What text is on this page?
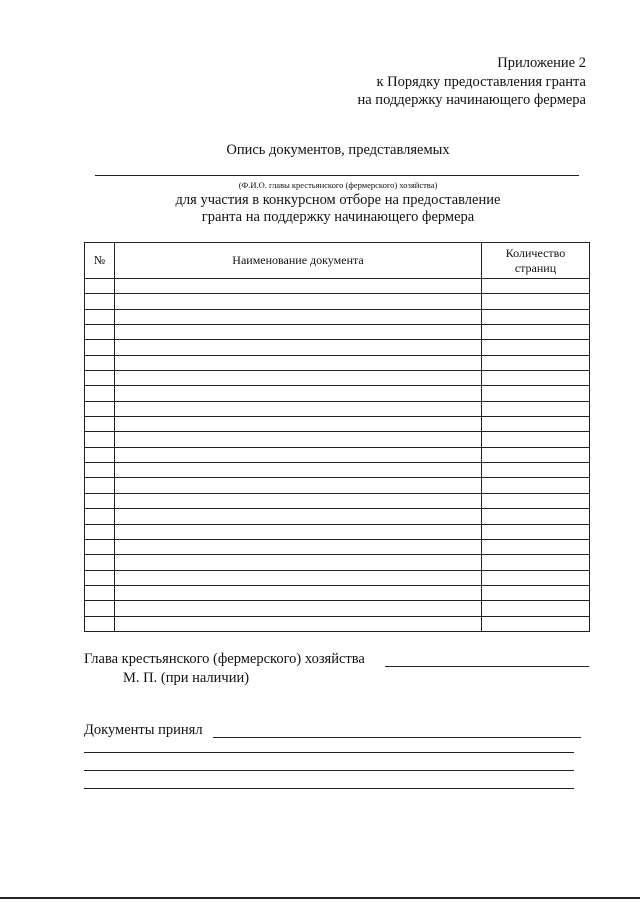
Приложение 2
к Порядку предоставления гранта
на поддержку начинающего фермера
Опись документов, представляемых
(Ф.И.О. главы крестьянского (фермерского) хозяйства)
для участия в конкурсном отборе на предоставление
гранта на поддержку начинающего фермера
№	Наименование документа	Количество страниц

Глава крестьянского (фермерского) хозяйства
М. П. (при наличии)
Документы принял
